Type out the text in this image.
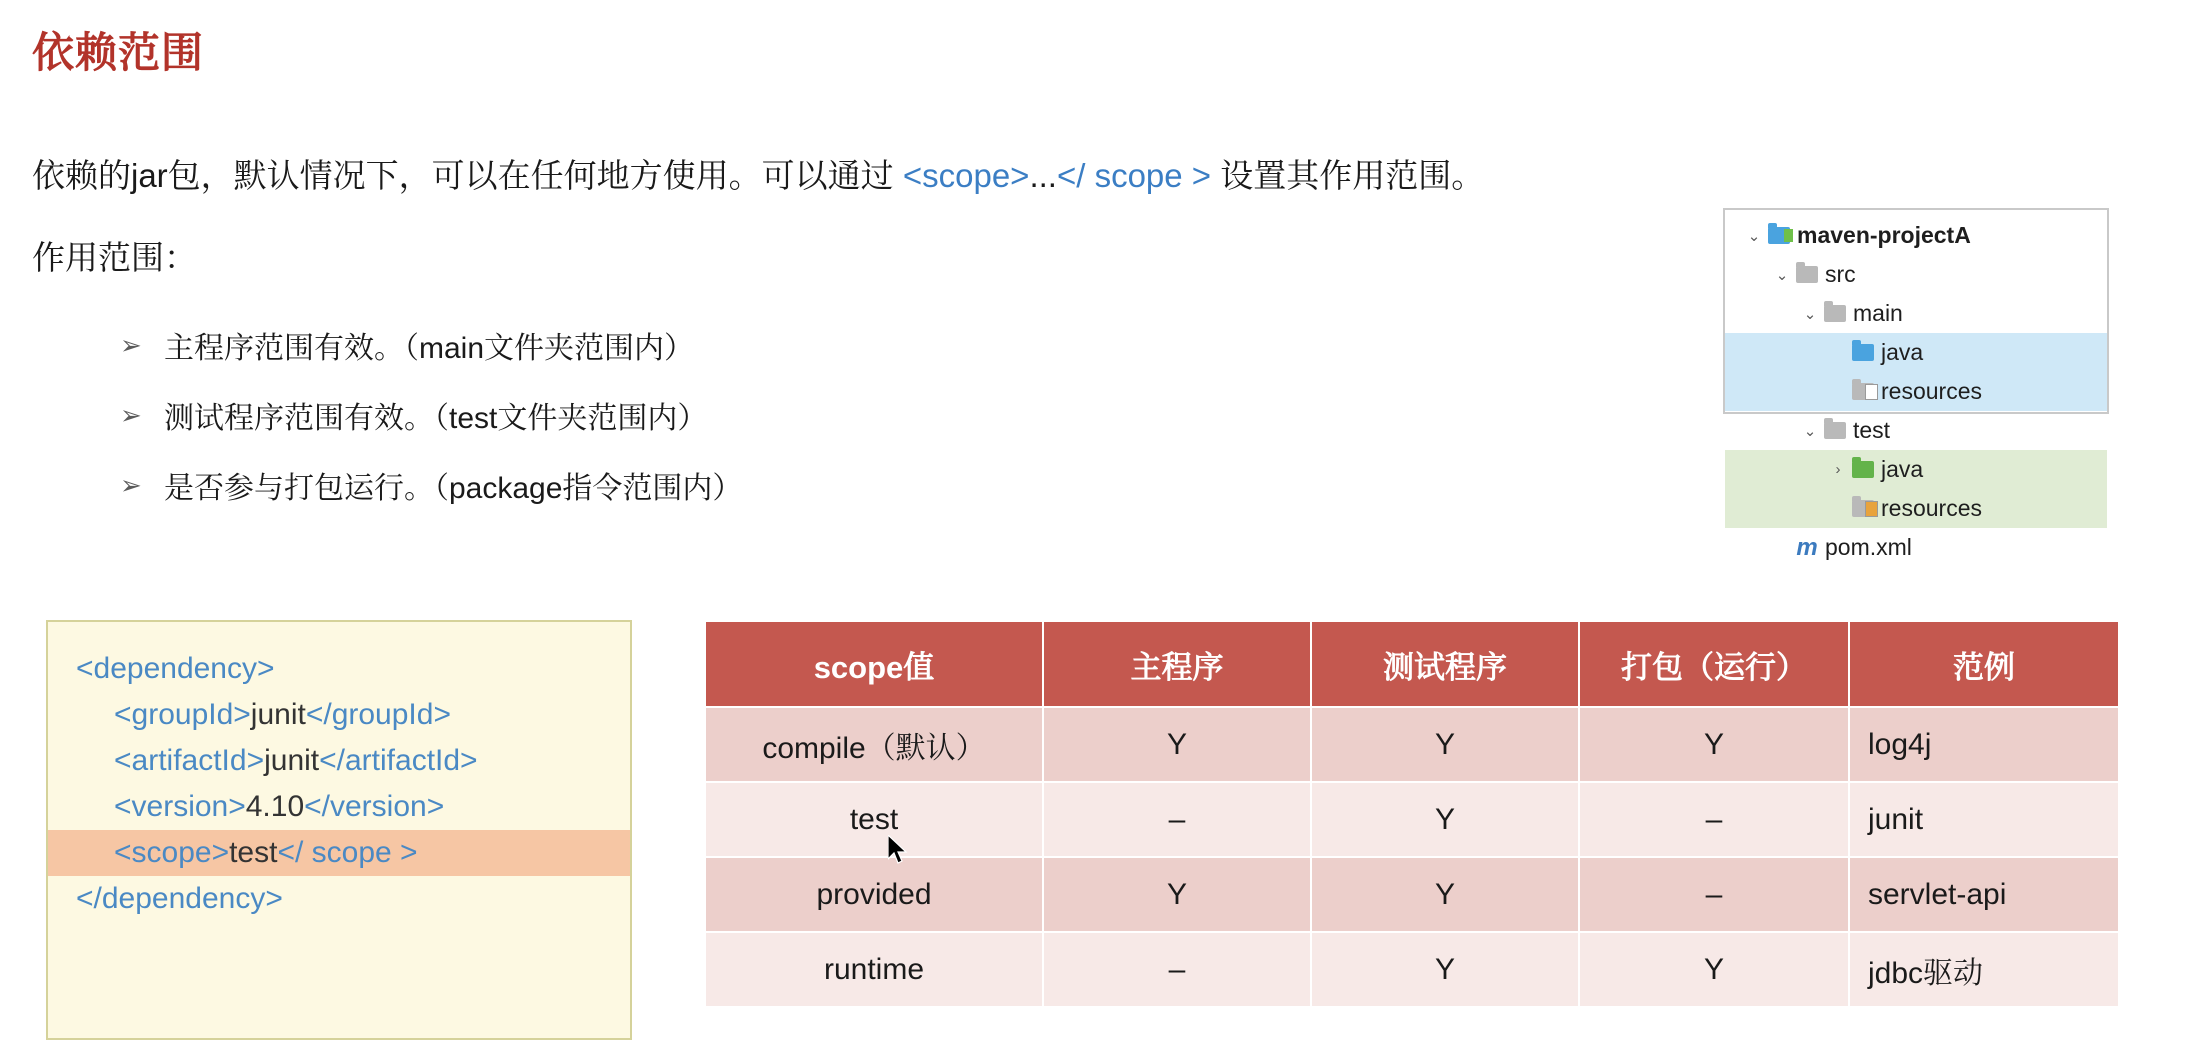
依赖范围
依赖的jar包，默认情况下，可以在任何地方使用。可以通过 <scope>...</ scope > 设置其作用范围。
作用范围：
➢ 主程序范围有效。（main文件夹范围内）
➢ 测试程序范围有效。（test文件夹范围内）
➢ 是否参与打包运行。（package指令范围内）
⌄ maven-projectA
⌄ src
⌄ main
java
resources
⌄ test
›	java
resources
m pom.xml
<dependency>
<groupId>junit</groupId>
<artifactId>junit</artifactId>
<version>4.10</version>
<scope>test</ scope >
</dependency>
scope值	主程序	测试程序	打包（运行）	范例
compile（默认）	Y	Y	Y	log4j
test	–	Y	–	junit
provided	Y	Y	–	servlet-api
runtime	–	Y	Y	jdbc驱动
